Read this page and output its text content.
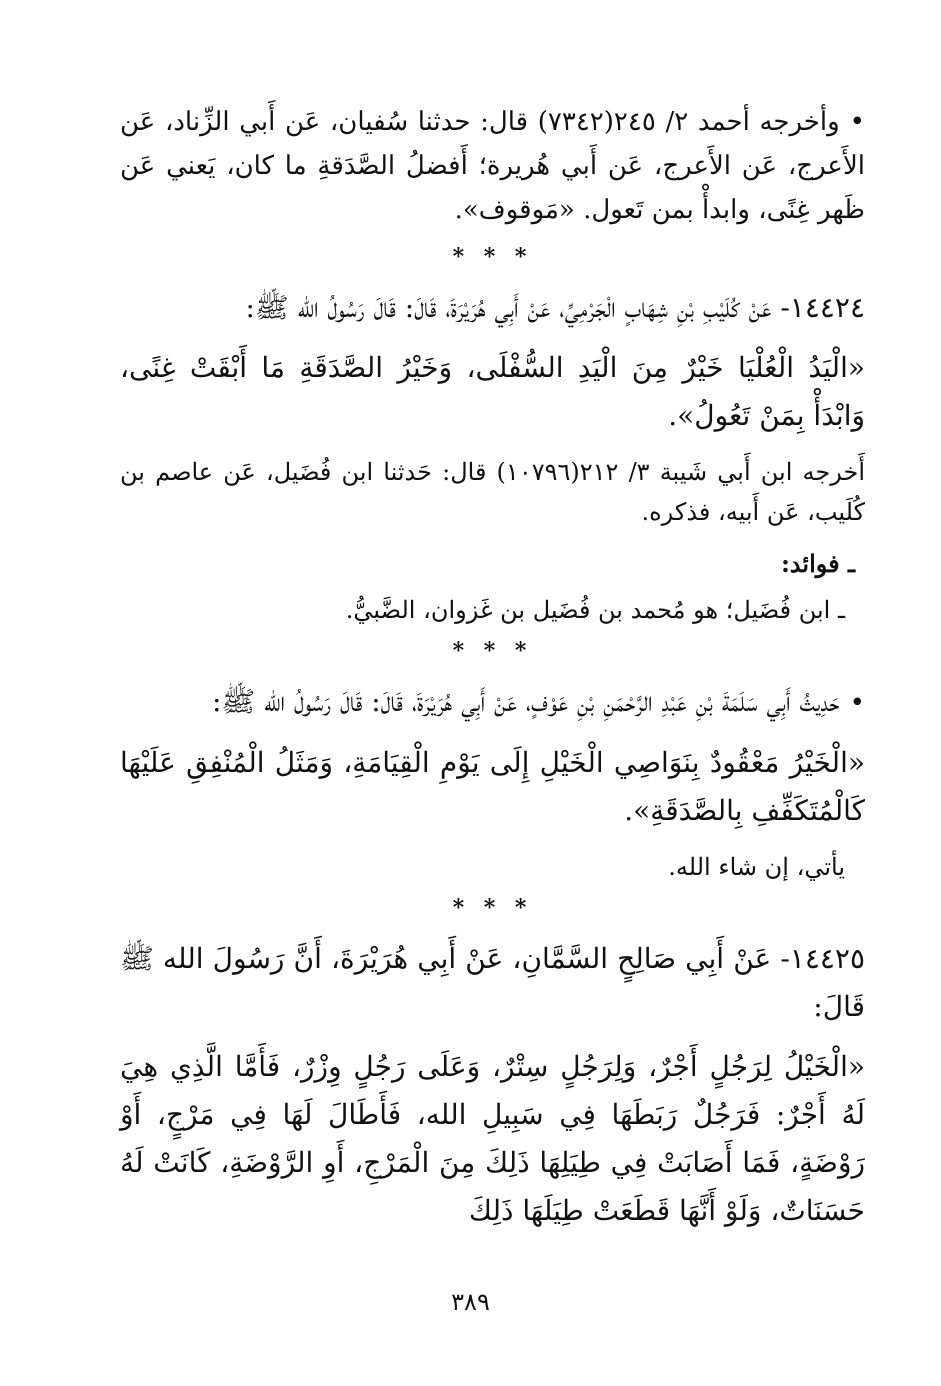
•وأخرجه أحمد ٢/ ٢٤٥(٧٣٤٢) قال: حدثنا سُفيان، عَن أَبي الزِّناد، عَن الأَعرج، عَن الأَعرج، عَن أَبي هُريرة؛ أَفضلُ الصَّدَقةِ ما كان، يَعني عَن ظَهر غِنًى، وابدأْ بمن تَعول. «مَوقوف».

* * *

١٤٤٢٤- عَنْ كُلَيْبِ بْنِ شِهَابٍ الْجَرْمِيِّ، عَنْ أَبِي هُرَيْرَةَ، قَالَ: قَالَ رَسُولُ الله ﷺ:

«الْيَدُ الْعُلْيَا خَيْرٌ مِنَ الْيَدِ السُّفْلَى، وَخَيْرُ الصَّدَقَةِ مَا أَبْقَتْ غِنًى، وَابْدَأْ بِمَنْ تَعُولُ».

أَخرجه ابن أَبي شَيبة ٣/ ٢١٢(١٠٧٩٦) قال: حَدثنا ابن فُضَيل، عَن عاصم بن كُلَيب، عَن أَبيه، فذكره.

ـ فوائد:
ـ ابن فُضَيل؛ هو مُحمد بن فُضَيل بن غَزوان، الضَّبيُّ.
* * *

•حَدِيثُ أَبِي سَلَمَةَ بْنِ عَبْدِ الرَّحْمَنِ بْنِ عَوْفٍ، عَنْ أَبِي هُرَيْرَةَ، قَالَ: قَالَ رَسُولُ الله ﷺ:

«الْخَيْرُ مَعْقُودٌ بِنَوَاصِي الْخَيْلِ إِلَى يَوْمِ الْقِيَامَةِ، وَمَثَلُ الْمُنْفِقِ عَلَيْهَا كَالْمُتَكَفِّفِ بِالصَّدَقَةِ».

يأتي، إن شاء الله.
* * *

١٤٤٢٥- عَنْ أَبِي صَالِحٍ السَّمَّانِ، عَنْ أَبِي هُرَيْرَةَ، أَنَّ رَسُولَ الله ﷺ قَالَ:

«الْخَيْلُ لِرَجُلٍ أَجْرٌ، وَلِرَجُلٍ سِتْرٌ، وَعَلَى رَجُلٍ وِزْرٌ، فَأَمَّا الَّذِي هِيَ لَهُ أَجْرٌ: فَرَجُلٌ رَبَطَهَا فِي سَبِيلِ الله، فَأَطَالَ لَهَا فِي مَرْجٍ، أَوْ رَوْضَةٍ، فَمَا أَصَابَتْ فِي طِيَلِهَا ذَلِكَ مِنَ الْمَرْجِ، أَوِ الرَّوْضَةِ، كَانَتْ لَهُ حَسَنَاتٌ، وَلَوْ أَنَّهَا قَطَعَتْ طِيَلَهَا ذَلِكَ

٣٨٩
